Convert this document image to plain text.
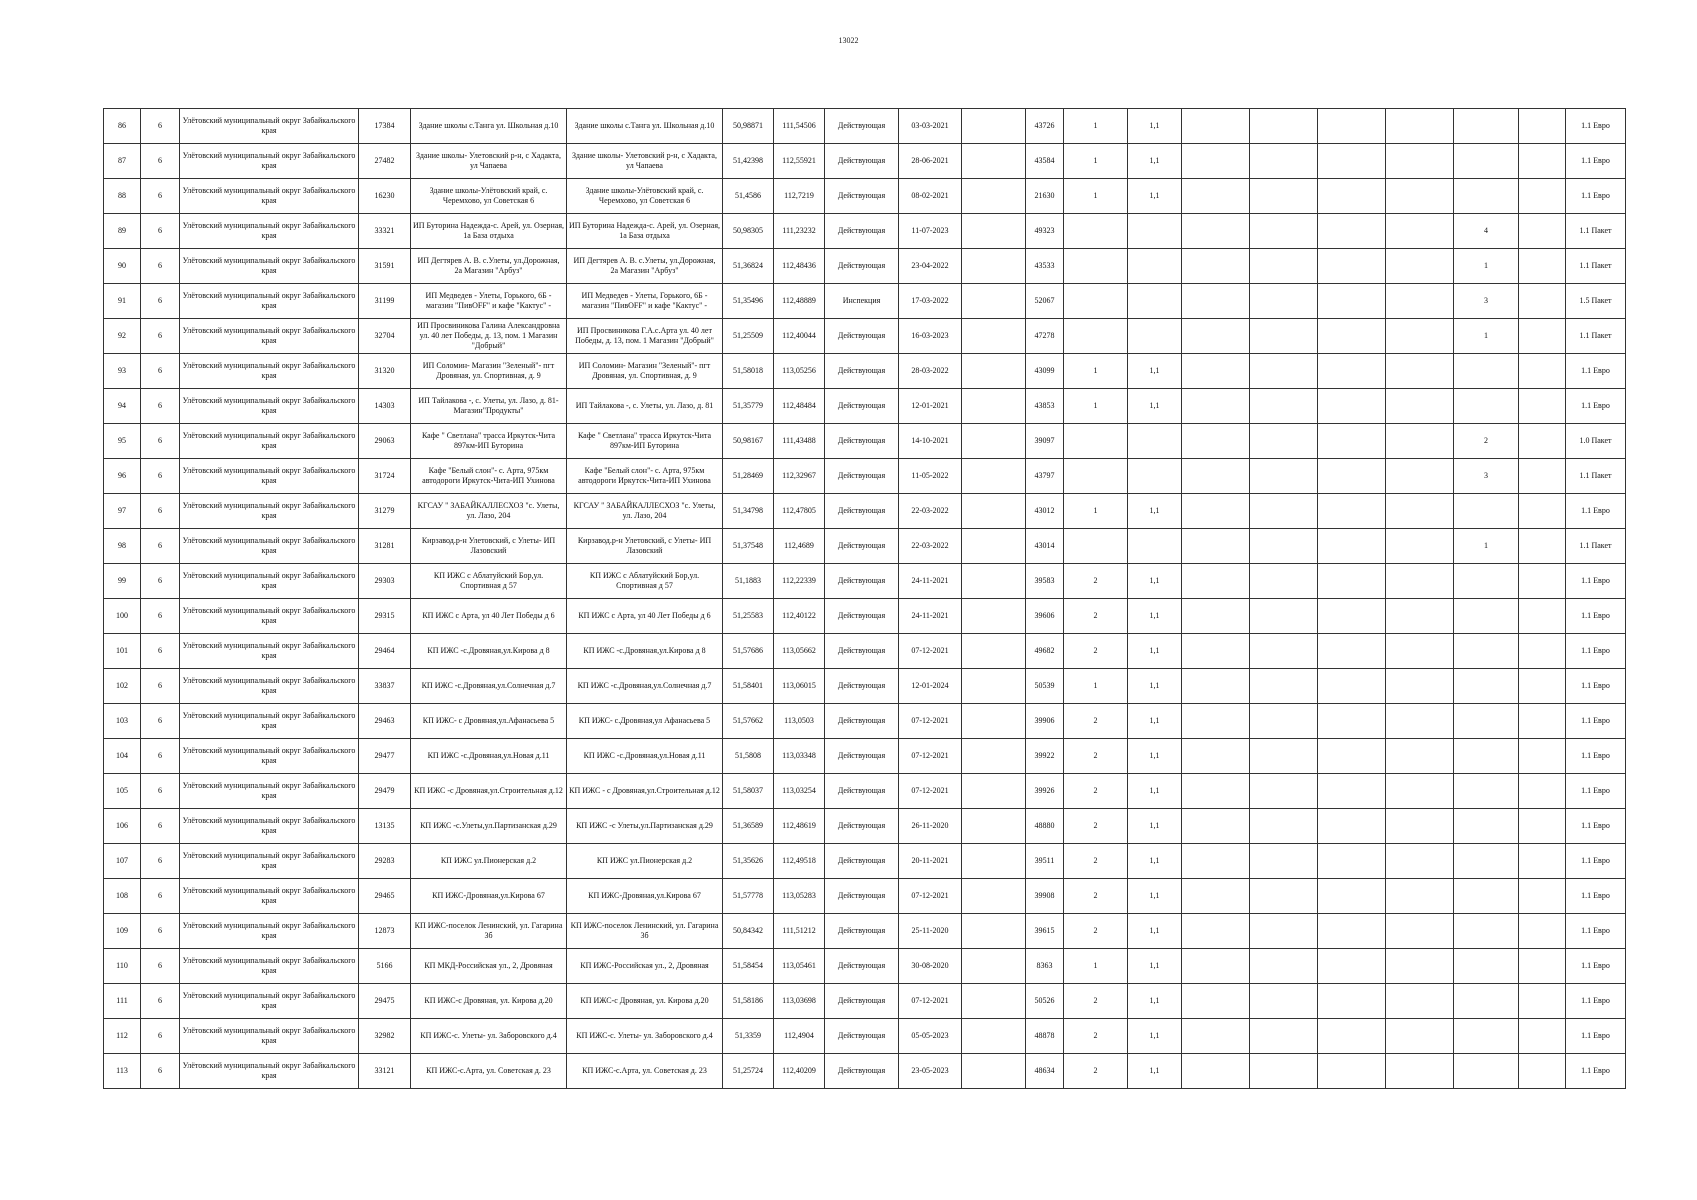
13022
86	6	Улётовский муниципальный округ Забайкальского края	17384	Здание школы с.Танга ул. Школьная д.10	Здание школы с.Танга ул. Школьная д.10	50,98871	111,54506	Действующая	03-03-2021		43726	1	1,1							1.1 Евро
87	6	Улётовский муниципальный округ Забайкальского края	27482	Здание школы- Улетовский р-н, с Хадакта, ул Чапаева	Здание школы- Улетовский р-н, с Хадакта, ул Чапаева	51,42398	112,55921	Действующая	28-06-2021		43584	1	1,1							1.1 Евро
88	6	Улётовский муниципальный округ Забайкальского края	16230	Здание школы-Улётовский край, с. Черемхово, ул Советская 6	Здание школы-Улётовский край, с. Черемхово, ул Советская 6	51,4586	112,7219	Действующая	08-02-2021		21630	1	1,1							1.1 Евро
89	6	Улётовский муниципальный округ Забайкальского края	33321	ИП Буторина Надежда-с. Арей, ул. Озерная, 1а База отдыха	ИП Буторина Надежда-с. Арей, ул. Озерная, 1а База отдыха	50,98305	111,23232	Действующая	11-07-2023		49323							4		1.1 Пакет
90	6	Улётовский муниципальный округ Забайкальского края	31591	ИП Дегтярев А. В. с.Улеты, ул.Дорожная, 2а Магазин "Арбуз"	ИП Дегтярев А. В. с.Улеты, ул.Дорожная, 2а Магазин "Арбуз"	51,36824	112,48436	Действующая	23-04-2022		43533							1		1.1 Пакет
91	6	Улётовский муниципальный округ Забайкальского края	31199	ИП Медведев - Улеты, Горького, 6Б - магазин "ПивOFF" и кафе "Кактус" -	ИП Медведев - Улеты, Горького, 6Б - магазин "ПивOFF" и кафе "Кактус" -	51,35496	112,48889	Инспекция	17-03-2022		52067							3		1.5 Пакет
92	6	Улётовский муниципальный округ Забайкальского края	32704	ИП Просвиникова Галина Александровна ул. 40 лет Победы, д. 13, пом. 1 Магазин "Добрый"	ИП Просвиникова Г.А.с.Арта ул. 40 лет Победы, д. 13, пом. 1 Магазин "Добрый"	51,25509	112,40044	Действующая	16-03-2023		47278							1		1.1 Пакет
93	6	Улётовский муниципальный округ Забайкальского края	31320	ИП Соломин- Магазин "Зеленый"- пгт Дровяная, ул. Спортивная, д. 9	ИП Соломин- Магазин "Зеленый"- пгт Дровяная, ул. Спортивная, д. 9	51,58018	113,05256	Действующая	28-03-2022		43099	1	1,1							1.1 Евро
94	6	Улётовский муниципальный округ Забайкальского края	14303	ИП Тайлакова -, с. Улеты, ул. Лазо, д. 81-Магазин"Продукты"	ИП Тайлакова -, с. Улеты, ул. Лазо, д. 81	51,35779	112,48484	Действующая	12-01-2021		43853	1	1,1							1.1 Евро
95	6	Улётовский муниципальный округ Забайкальского края	29063	Кафе " Светлана" трасса Иркутск-Чита 897км-ИП Буторина	Кафе " Светлана" трасса Иркутск-Чита 897км-ИП Буторина	50,98167	111,43488	Действующая	14-10-2021		39097							2		1.0 Пакет
96	6	Улётовский муниципальный округ Забайкальского края	31724	Кафе "Белый слон"- с. Арта, 975км автодороги Иркутск-Чита-ИП Ухинова	Кафе "Белый слон"- с. Арта, 975км автодороги Иркутск-Чита-ИП Ухинова	51,28469	112,32967	Действующая	11-05-2022		43797							3		1.1 Пакет
97	6	Улётовский муниципальный округ Забайкальского края	31279	КГСАУ " ЗАБАЙКАЛЛЕСХОЗ "с. Улеты, ул. Лазо, 204	КГСАУ " ЗАБАЙКАЛЛЕСХОЗ "с. Улеты, ул. Лазо, 204	51,34798	112,47805	Действующая	22-03-2022		43012	1	1,1							1.1 Евро
98	6	Улётовский муниципальный округ Забайкальского края	31281	Кирзавод.р-н Улетовский, с Улеты- ИП Лазовский	Кирзавод.р-н Улетовский, с Улеты- ИП Лазовский	51,37548	112,4689	Действующая	22-03-2022		43014							1		1.1 Пакет
99	6	Улётовский муниципальный округ Забайкальского края	29303	КП ИЖС с Аблатуйский Бор,ул. Спортивная д 57	КП ИЖС с Аблатуйский Бор,ул. Спортивная д 57	51,1883	112,22339	Действующая	24-11-2021		39583	2	1,1							1.1 Евро
100	6	Улётовский муниципальный округ Забайкальского края	29315	КП ИЖС с Арта, ул 40 Лет Победы д 6	КП ИЖС с Арта, ул 40 Лет Победы д 6	51,25583	112,40122	Действующая	24-11-2021		39606	2	1,1							1.1 Евро
101	6	Улётовский муниципальный округ Забайкальского края	29464	КП ИЖС -с.Дровяная,ул.Кирова д 8	КП ИЖС -с.Дровяная,ул.Кирова д 8	51,57686	113,05662	Действующая	07-12-2021		49682	2	1,1							1.1 Евро
102	6	Улётовский муниципальный округ Забайкальского края	33837	КП ИЖС -с.Дровяная,ул.Солнечная д.7	КП ИЖС -с.Дровяная,ул.Солнечная д.7	51,58401	113,06015	Действующая	12-01-2024		50539	1	1,1							1.1 Евро
103	6	Улётовский муниципальный округ Забайкальского края	29463	КП ИЖС- с Дровяная,ул.Афанасьева 5	КП ИЖС- с.Дровяная,ул Афанасьева 5	51,57662	113,0503	Действующая	07-12-2021		39906	2	1,1							1.1 Евро
104	6	Улётовский муниципальный округ Забайкальского края	29477	КП ИЖС -с.Дровяная,ул.Новая д.11	КП ИЖС -с.Дровяная,ул.Новая д.11	51,5808	113,03348	Действующая	07-12-2021		39922	2	1,1							1.1 Евро
105	6	Улётовский муниципальный округ Забайкальского края	29479	КП ИЖС -с Дровяная,ул.Строительная д.12	КП ИЖС - с Дровяная,ул.Строительная д.12	51,58037	113,03254	Действующая	07-12-2021		39926	2	1,1							1.1 Евро
106	6	Улётовский муниципальный округ Забайкальского края	13135	КП ИЖС -с.Улеты,ул.Партизанская д.29	КП ИЖС -с Улеты,ул.Партизанская д.29	51,36589	112,48619	Действующая	26-11-2020		48880	2	1,1							1.1 Евро
107	6	Улётовский муниципальный округ Забайкальского края	29283	КП ИЖС ул.Пионерская д.2	КП ИЖС ул.Пионерская д.2	51,35626	112,49518	Действующая	20-11-2021		39511	2	1,1							1.1 Евро
108	6	Улётовский муниципальный округ Забайкальского края	29465	КП ИЖС-Дровяная,ул.Кирова 67	КП ИЖС-Дровяная,ул.Кирова 67	51,57778	113,05283	Действующая	07-12-2021		39908	2	1,1							1.1 Евро
109	6	Улётовский муниципальный округ Забайкальского края	12873	КП ИЖС-поселок Ленинский, ул. Гагарина 3б	КП ИЖС-поселок Ленинский, ул. Гагарина 3б	50,84342	111,51212	Действующая	25-11-2020		39615	2	1,1							1.1 Евро
110	6	Улётовский муниципальный округ Забайкальского края	5166	КП МКД-Российская ул., 2, Дровяная	КП ИЖС-Российская ул., 2, Дровяная	51,58454	113,05461	Действующая	30-08-2020		8363	1	1,1							1.1 Евро
111	6	Улётовский муниципальный округ Забайкальского края	29475	КП ИЖС-с Дровяная, ул. Кирова д.20	КП ИЖС-с Дровяная, ул. Кирова д.20	51,58186	113,03698	Действующая	07-12-2021		50526	2	1,1							1.1 Евро
112	6	Улётовский муниципальный округ Забайкальского края	32982	КП ИЖС-с. Улеты- ул. Заборовского д.4	КП ИЖС-с. Улеты- ул. Заборовского д.4	51,3359	112,4904	Действующая	05-05-2023		48878	2	1,1							1.1 Евро
113	6	Улётовский муниципальный округ Забайкальского края	33121	КП ИЖС-с.Арта, ул. Советская д. 23	КП ИЖС-с.Арта, ул. Советская д. 23	51,25724	112,40209	Действующая	23-05-2023		48634	2	1,1							1.1 Евро
